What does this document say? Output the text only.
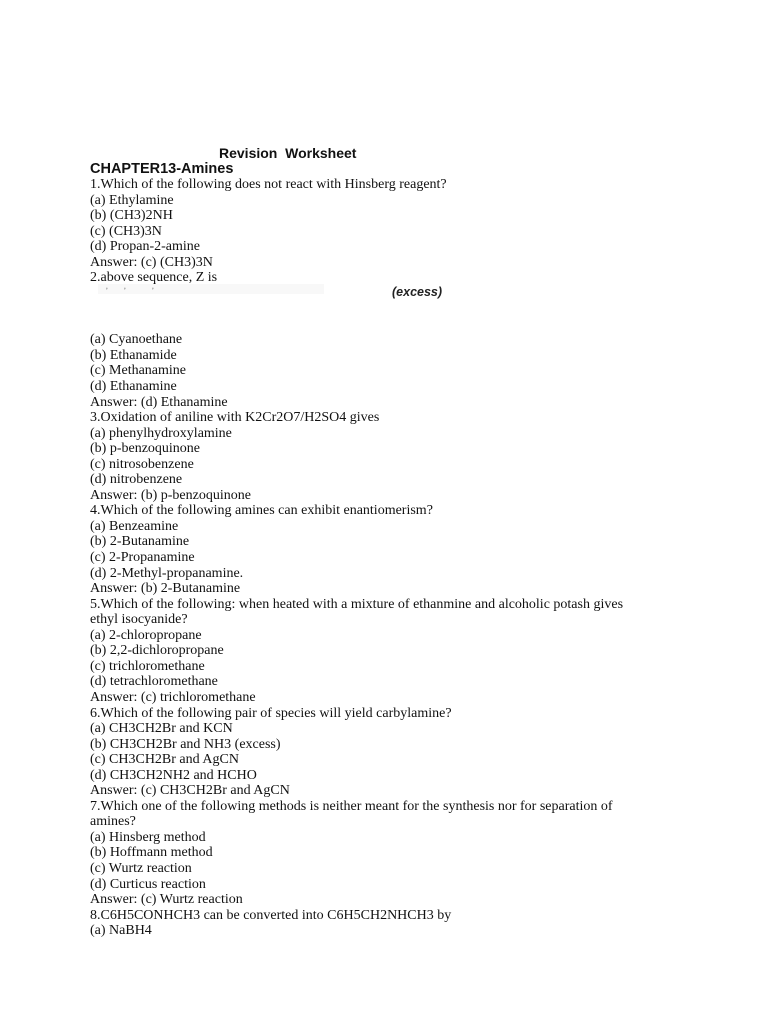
Revision  Worksheet
CHAPTER13-Amines
1.Which of the following does not react with Hinsberg reagent?
(a) Ethylamine
(b) (CH3)2NH
(c) (CH3)3N
(d) Propan-2-amine
Answer: (c) (CH3)3N
2.above sequence, Z is
ʼ ʼ	ʼ	(excess)
(a) Cyanoethane
(b) Ethanamide
(c) Methanamine
(d) Ethanamine
Answer: (d) Ethanamine
3.Oxidation of aniline with K2Cr2O7/H2SO4 gives
(a) phenylhydroxylamine
(b) p-benzoquinone
(c) nitrosobenzene
(d) nitrobenzene
Answer: (b) p-benzoquinone
4.Which of the following amines can exhibit enantiomerism?
(a) Benzeamine
(b) 2-Butanamine
(c) 2-Propanamine
(d) 2-Methyl-propanamine.
Answer: (b) 2-Butanamine
5.Which of the following: when heated with a mixture of ethanmine and alcoholic potash gives
ethyl isocyanide?
(a) 2-chloropropane
(b) 2,2-dichloropropane
(c) trichloromethane
(d) tetrachloromethane
Answer: (c) trichloromethane
6.Which of the following pair of species will yield carbylamine?
(a) CH3CH2Br and KCN
(b) CH3CH2Br and NH3 (excess)
(c) CH3CH2Br and AgCN
(d) CH3CH2NH2 and HCHO
Answer: (c) CH3CH2Br and AgCN
7.Which one of the following methods is neither meant for the synthesis nor for separation of
amines?
(a) Hinsberg method
(b) Hoffmann method
(c) Wurtz reaction
(d) Curticus reaction
Answer: (c) Wurtz reaction
8.C6H5CONHCH3 can be converted into C6H5CH2NHCH3 by
(a) NaBH4
